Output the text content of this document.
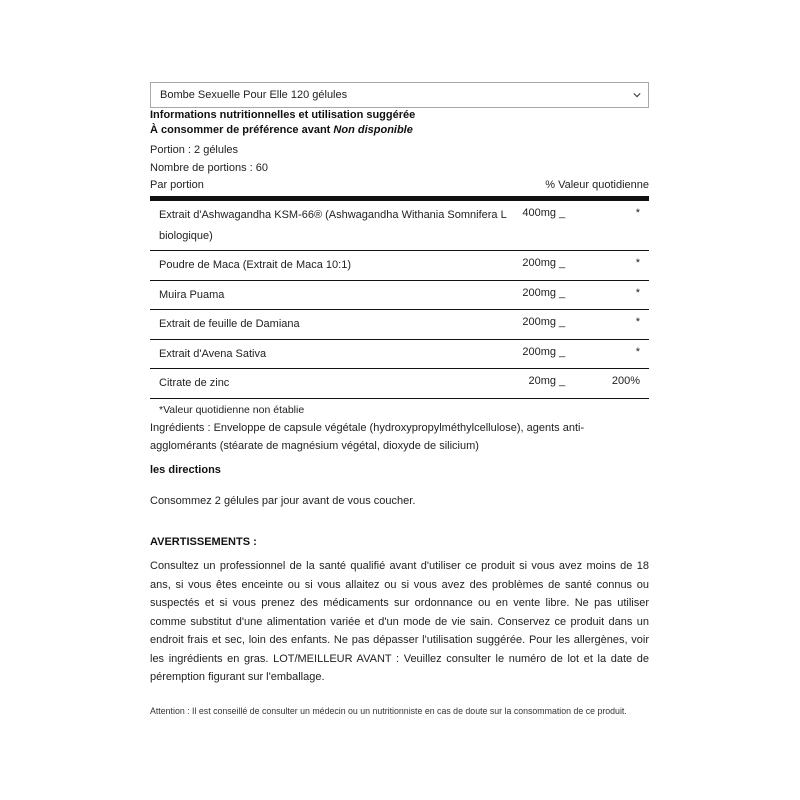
Bombe Sexuelle Pour Elle 120 gélules
Informations nutritionnelles et utilisation suggérée
À consommer de préférence avant Non disponible
Portion : 2 gélules
Nombre de portions : 60
Par portion	% Valeur quotidienne
Extrait d'Ashwagandha KSM-66® (Ashwagandha Withania Somnifera L biologique)	400mg	_	*
Poudre de Maca (Extrait de Maca 10:1)	200mg	_	*
Muira Puama	200mg	_	*
Extrait de feuille de Damiana	200mg	_	*
Extrait d'Avena Sativa	200mg	_	*
Citrate de zinc	20mg	_	200%
*Valeur quotidienne non établie
Ingrédients : Enveloppe de capsule végétale (hydroxypropylméthylcellulose), agents anti-agglomérants (stéarate de magnésium végétal, dioxyde de silicium)
les directions
Consommez 2 gélules par jour avant de vous coucher.
AVERTISSEMENTS :
Consultez un professionnel de la santé qualifié avant d'utiliser ce produit si vous avez moins de 18 ans, si vous êtes enceinte ou si vous allaitez ou si vous avez des problèmes de santé connus ou suspectés et si vous prenez des médicaments sur ordonnance ou en vente libre. Ne pas utiliser comme substitut d'une alimentation variée et d'un mode de vie sain. Conservez ce produit dans un endroit frais et sec, loin des enfants. Ne pas dépasser l'utilisation suggérée. Pour les allergènes, voir les ingrédients en gras. LOT/MEILLEUR AVANT : Veuillez consulter le numéro de lot et la date de péremption figurant sur l'emballage.
Attention : Il est conseillé de consulter un médecin ou un nutritionniste en cas de doute sur la consommation de ce produit.
